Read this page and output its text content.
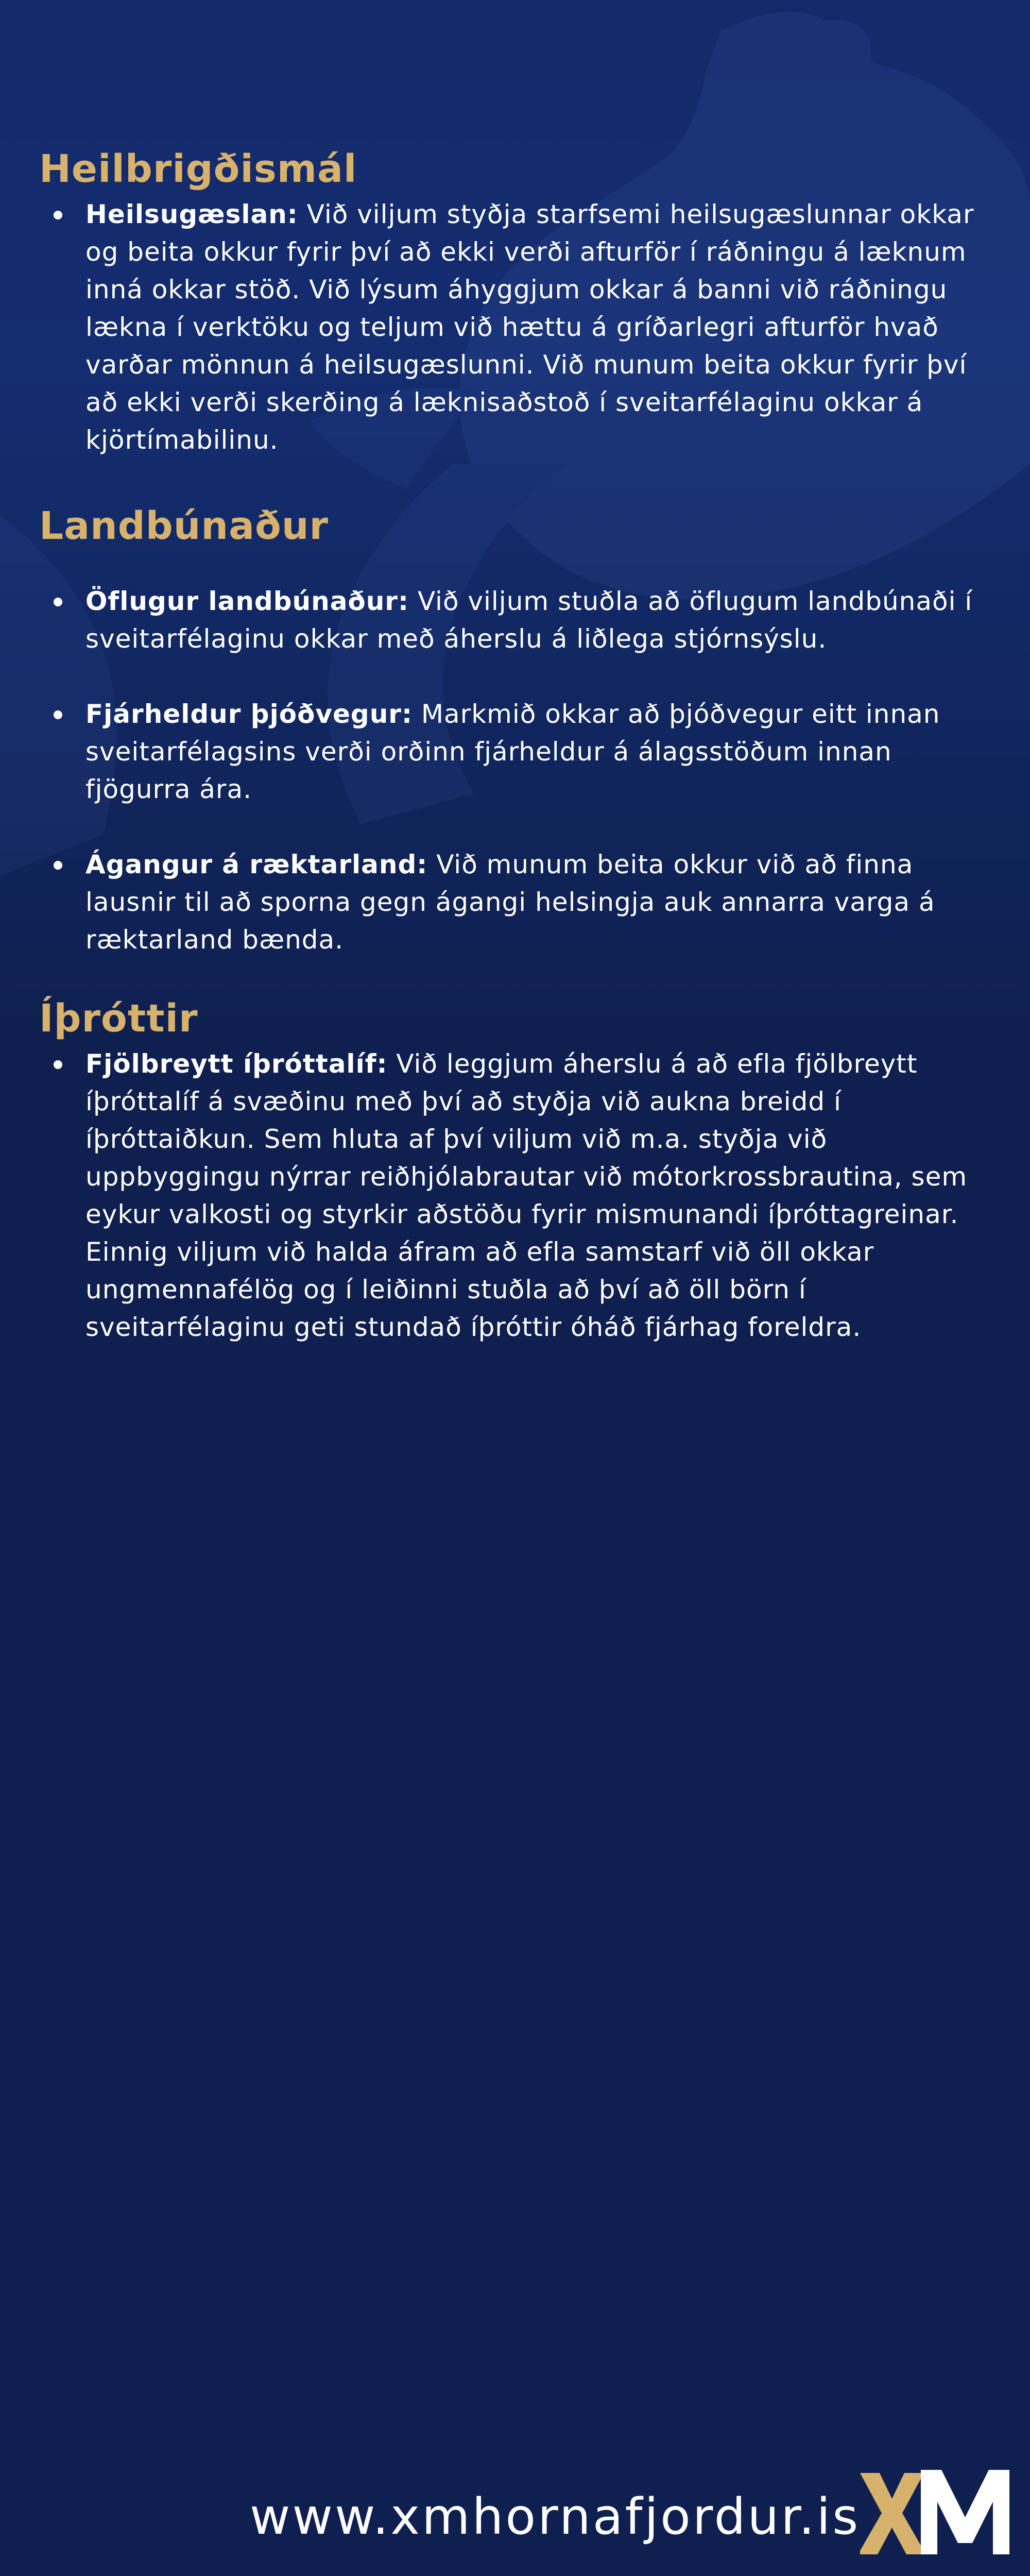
Heilbrigðismál
Heilsugæslan: Við viljum styðja starfsemi heilsugæslunnar okkar og beita okkur fyrir því að ekki verði afturför í ráðningu á læknum inná okkar stöð. Við lýsum áhyggjum okkar á banni við ráðningu lækna í verktöku og teljum við hættu á gríðarlegri afturför hvað varðar mönnun á heilsugæslunni. Við munum beita okkur fyrir því að ekki verði skerðing á læknisaðstoð í sveitarfélaginu okkar á kjörtímabilinu.
Landbúnaður
Öflugur landbúnaður: Við viljum stuðla að öflugum landbúnaði í sveitarfélaginu okkar með áherslu á liðlega stjórnsýslu.
Fjárheldur þjóðvegur: Markmið okkar að þjóðvegur eitt innan sveitarfélagsins verði orðinn fjárheldur á álagsstöðum innan fjögurra ára.
Ágangur á ræktarland: Við munum beita okkur við að finna lausnir til að sporna gegn ágangi helsingja auk annarra varga á ræktarland bænda.
Íþróttir
Fjölbreytt íþróttalíf: Við leggjum áherslu á að efla fjölbreytt íþróttalíf á svæðinu með því að styðja við aukna breidd í íþróttaiðkun. Sem hluta af því viljum við m.a. styðja við uppbyggingu nýrrar reiðhjólabrautar við mótorkrossbrautina, sem eykur valkosti og styrkir aðstöðu fyrir mismunandi íþróttagreinar. Einnig viljum við halda áfram að efla samstarf við öll okkar ungmennafélög og í leiðinni stuðla að því að öll börn í sveitarfélaginu geti stundað íþróttir óháð fjárhag foreldra.
www.xmhornafjordur.is
